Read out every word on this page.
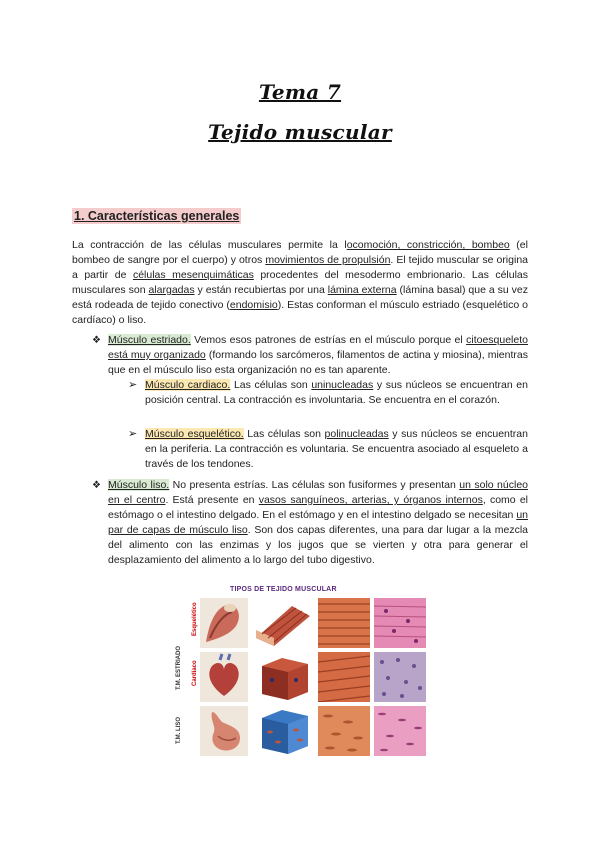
Tema 7
Tejido muscular
1. Características generales
La contracción de las células musculares permite la locomoción, constricción, bombeo (el bombeo de sangre por el cuerpo) y otros movimientos de propulsión. El tejido muscular se origina a partir de células mesenquimáticas procedentes del mesodermo embrionario. Las células musculares son alargadas y están recubiertas por una lámina externa (lámina basal) que a su vez está rodeada de tejido conectivo (endomisio). Estas conforman el músculo estriado (esquelético o cardíaco) o liso.
❖ Músculo estriado. Vemos esos patrones de estrías en el músculo porque el citoesqueleto está muy organizado (formando los sarcómeros, filamentos de actina y miosina), mientras que en el músculo liso esta organización no es tan aparente.
➢ Músculo cardiaco. Las células son uninucleadas y sus núcleos se encuentran en posición central. La contracción es involuntaria. Se encuentra en el corazón.
➢ Músculo esquelético. Las células son polinucleadas y sus núcleos se encuentran en la periferia. La contracción es voluntaria. Se encuentra asociado al esqueleto a través de los tendones.
❖ Músculo liso. No presenta estrías. Las células son fusiformes y presentan un solo núcleo en el centro. Está presente en vasos sanguíneos, arterias, y órganos internos, como el estómago o el intestino delgado. En el estómago y en el intestino delgado se necesitan un par de capas de músculo liso. Son dos capas diferentes, una para dar lugar a la mezcla del alimento con las enzimas y los jugos que se vierten y otra para generar el desplazamiento del alimento a lo largo del tubo digestivo.
TIPOS DE TEJIDO MUSCULAR
T.M. ESTRIADO
T.M. LISO
Esquelético
Cardíaco
